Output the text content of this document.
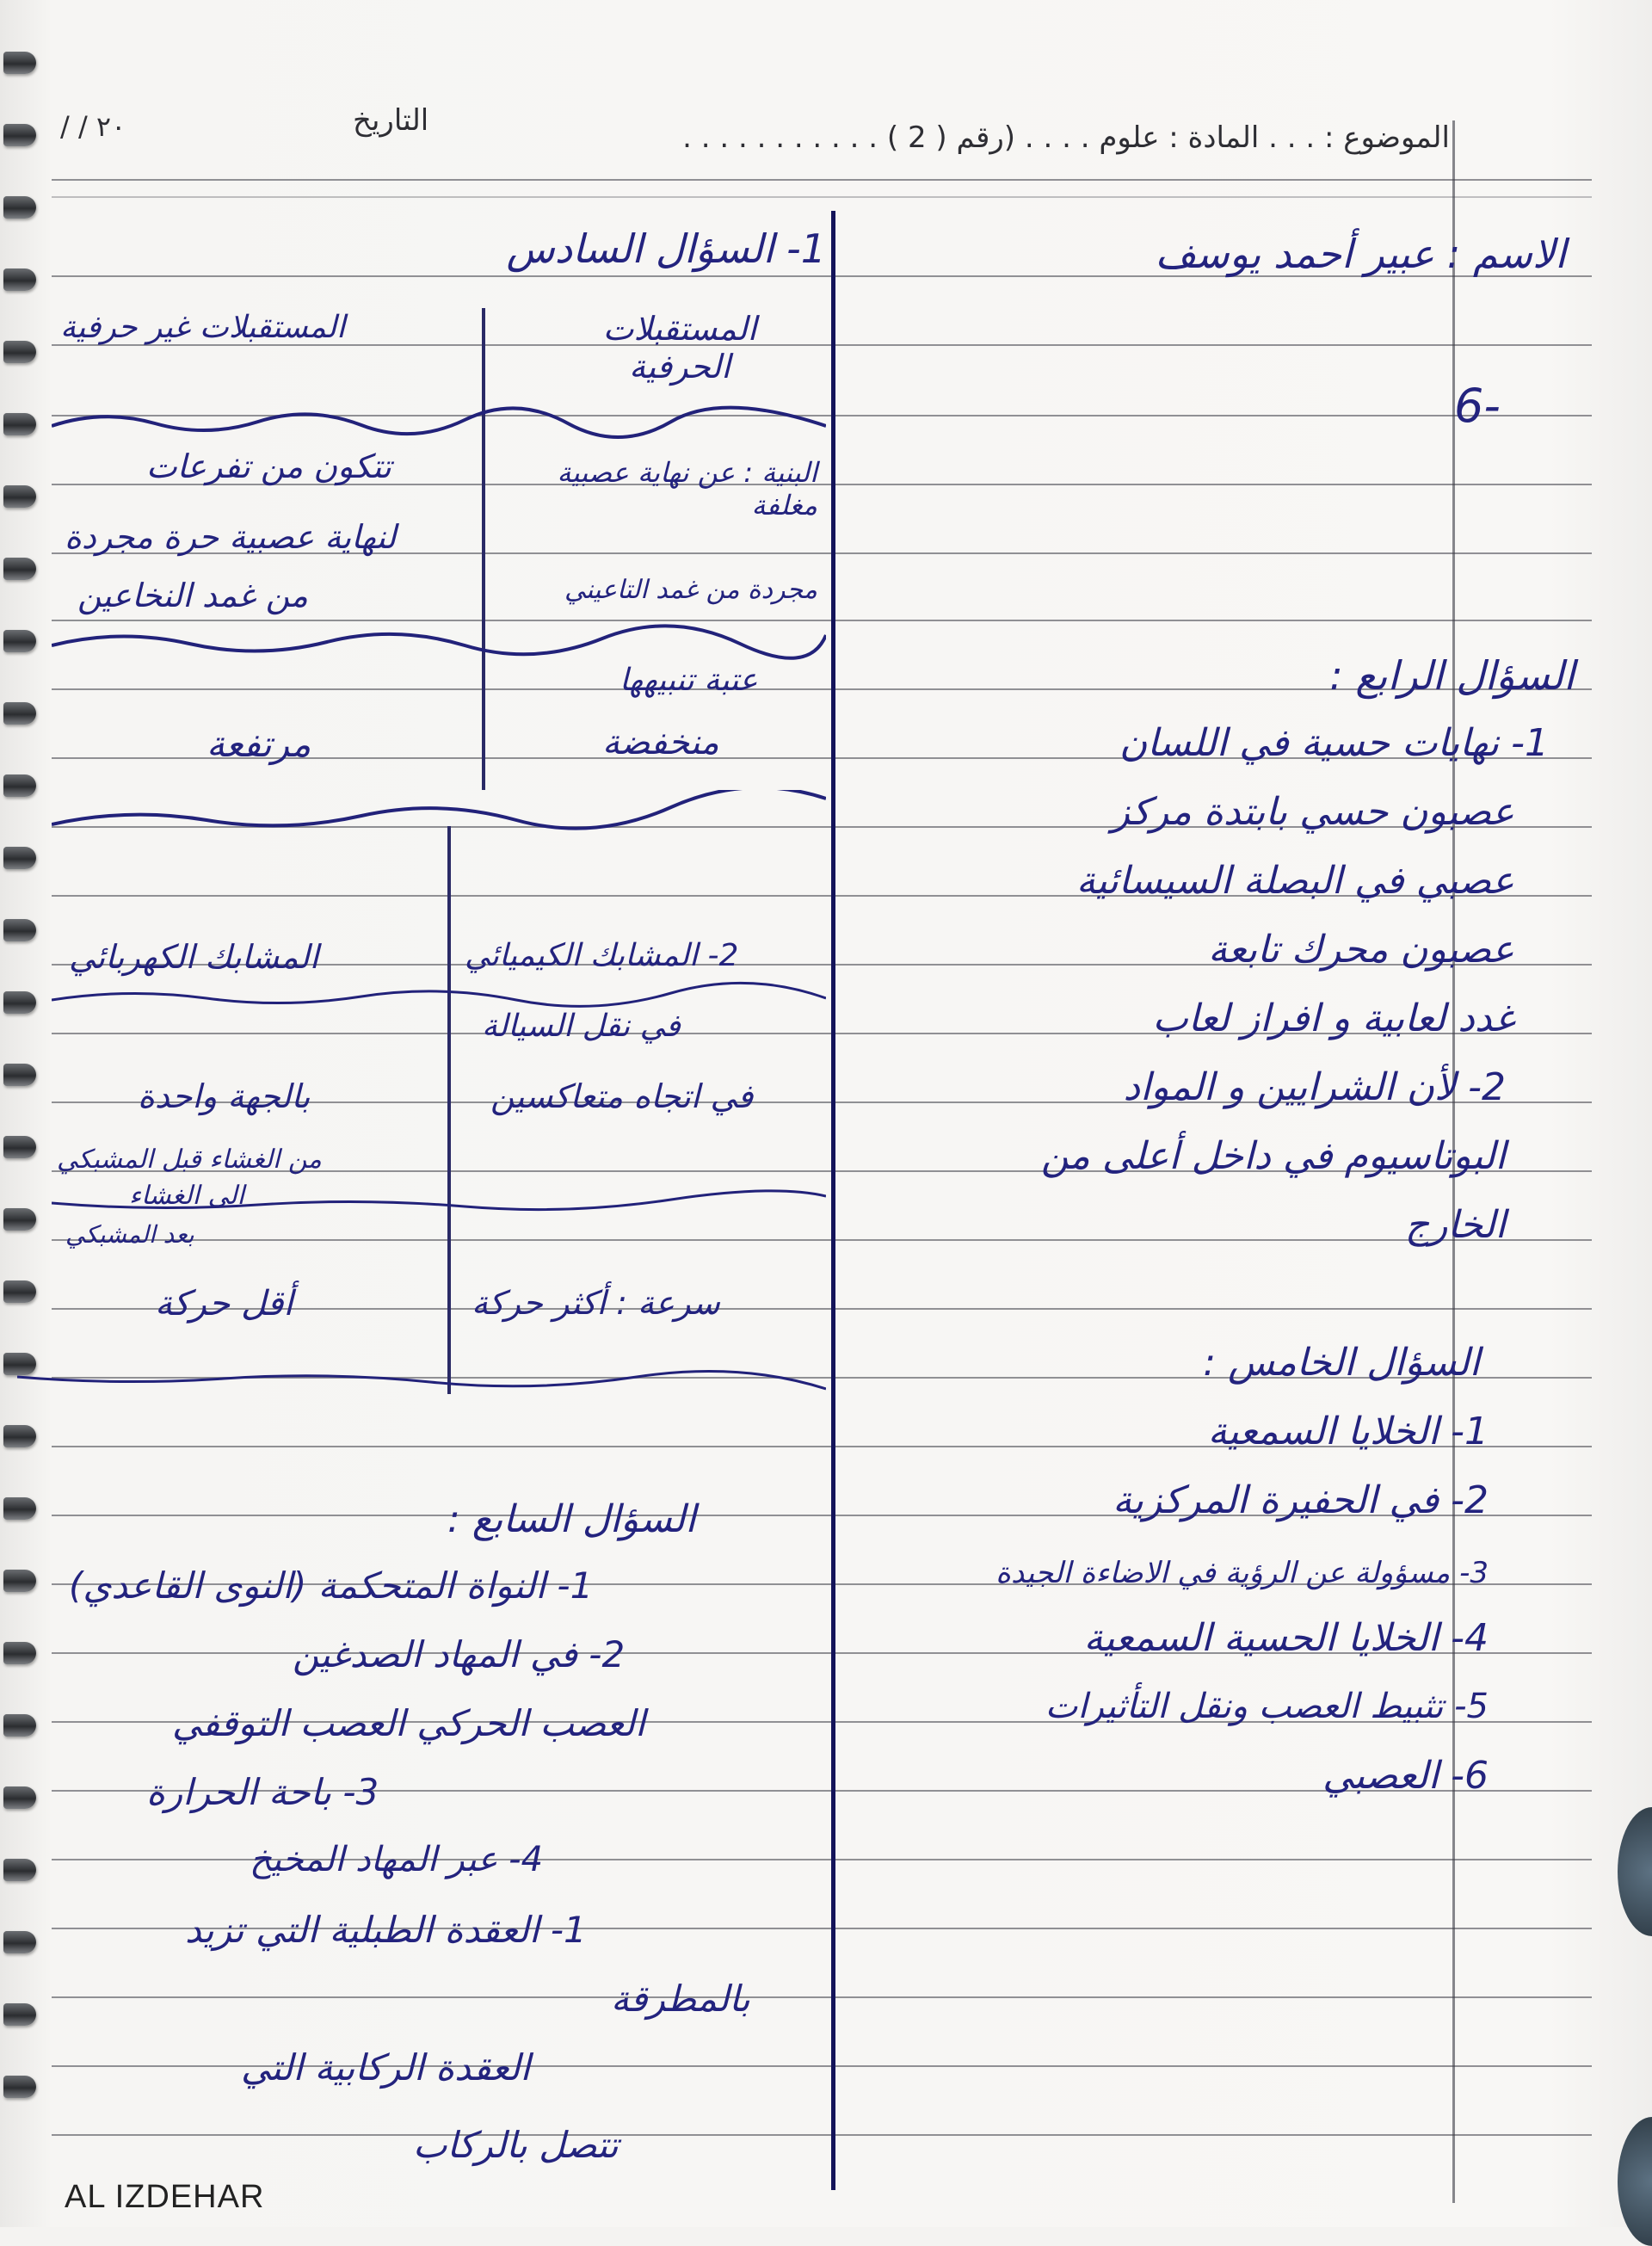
الموضوع : . . . المادة : علوم . . . . (رقم ( 2 ) . . . . . . . . . . .
التاريخ
/ / ٢٠
الاسم : عبير أحمد يوسف
6-
السؤال الرابع :
1- نهايات حسية في اللسان
عصبون حسي بابتدة مركز
عصبي في البصلة السيسائية
عصبون محرك تابعة
غدد لعابية و افراز لعاب
2- لأن الشرايين و المواد
البوتاسيوم في داخل أعلى من
الخارج
السؤال الخامس :
1- الخلايا السمعية
2- في الحفيرة المركزية
3- مسؤولة عن الرؤية في الاضاءة الجيدة
4- الخلايا الحسية السمعية
5- تثبيط العصب ونقل التأثيرات
6- العصبي
1- السؤال السادس
المستقبلات الحرفية
المستقبلات غير حرفية
البنية : عن نهاية عصبية مغلفة
مجردة من غمد التاعيني
تتكون من تفرعات
لنهاية عصبية حرة مجردة
من غمد النخاعين
عتبة تنبيهها
منخفضة
مرتفعة
2- المشابك الكيميائي
المشابك الكهربائي
في نقل السيالة
في اتجاه متعاكسين
بالجهة واحدة
من الغشاء قبل المشبكي
الى الغشاء
بعد المشبكي
سرعة : أكثر حركة
أقل حركة
السؤال السابع :
1- النواة المتحكمة (النوى القاعدي)
2- في المهاد الصدغين
العصب الحركي العصب التوقفي
3- باحة الحرارة
4- عبر المهاد المخيخ
1- العقدة الطبلية التي تزيد
بالمطرقة
العقدة الركابية التي
تتصل بالركاب
AL IZDEHAR
